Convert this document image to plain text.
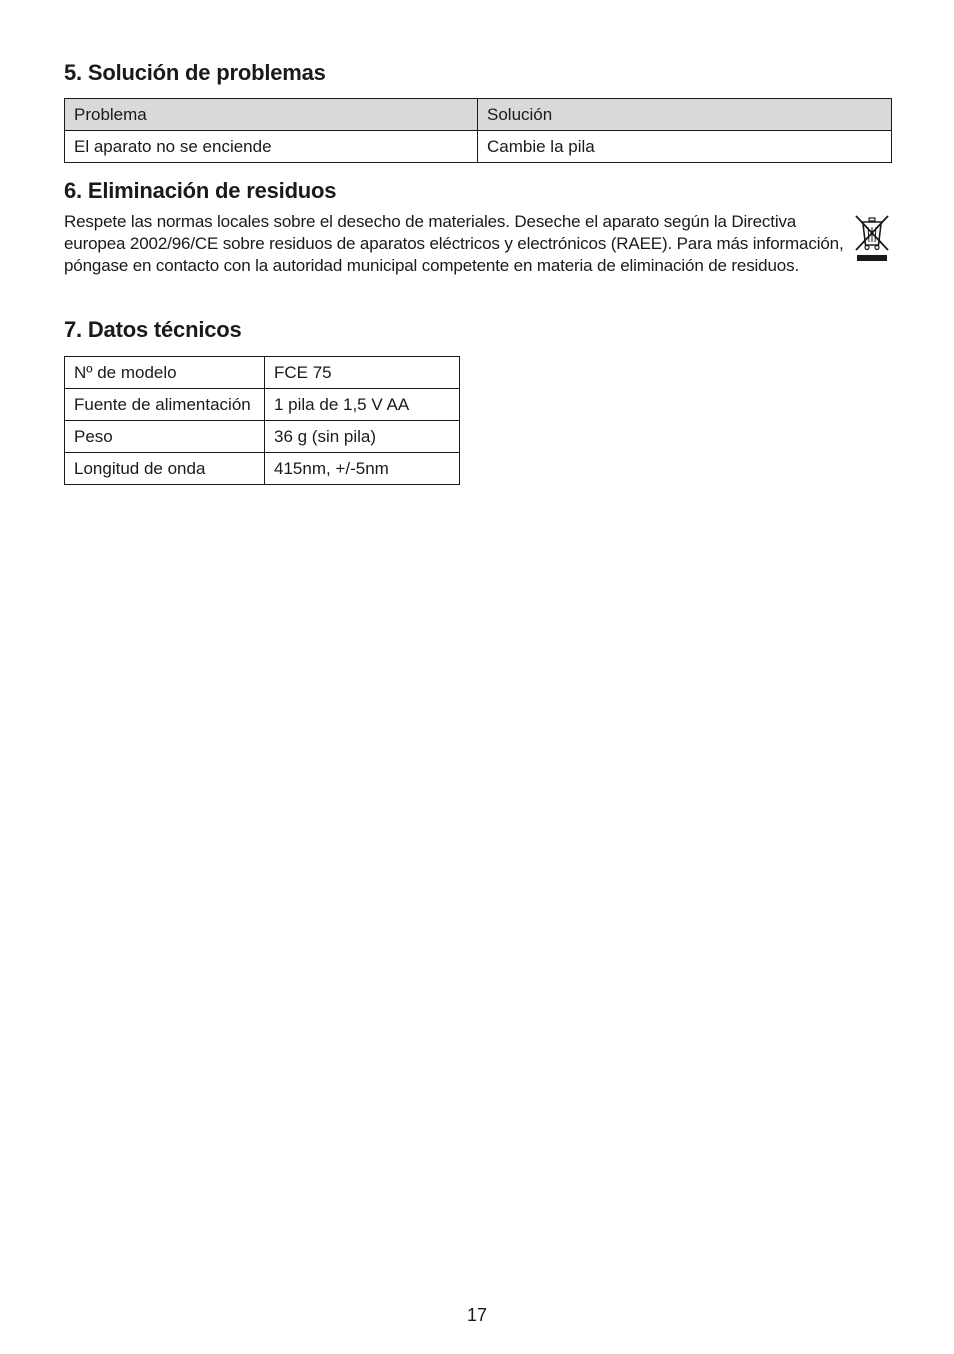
5. Solución de problemas
Problema	Solución
El aparato no se enciende	Cambie la pila
6. Eliminación de residuos

Respete las normas locales sobre el desecho de materiales. Deseche el aparato según la Directiva europea 2002/96/CE sobre residuos de aparatos eléctricos y electrónicos (RAEE). Para más información, póngase en contacto con la autoridad municipal competente en materia de eliminación de residuos.

7. Datos técnicos
Nº de modelo	FCE 75
Fuente de alimentación	1 pila de 1,5 V AA
Peso	36 g (sin pila)
Longitud de onda	415nm, +/-5nm
17
